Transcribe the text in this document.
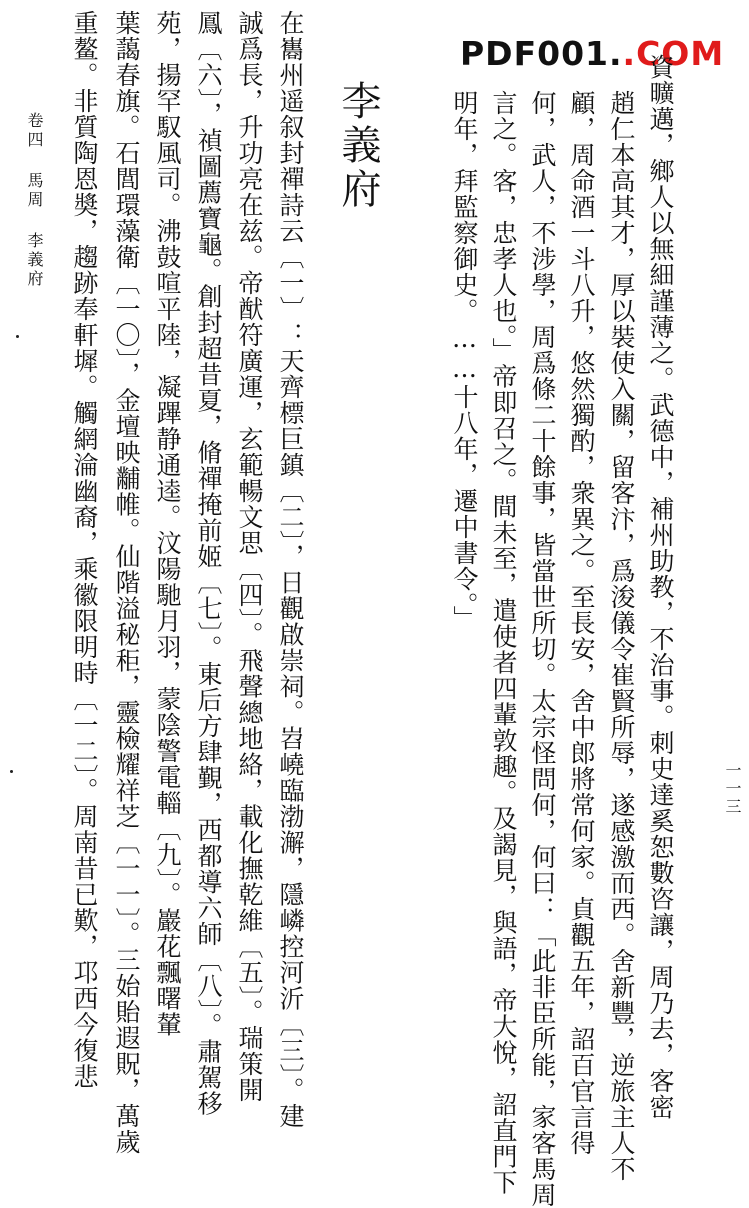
PDF001..COM
資曠邁，鄉人以無細謹薄之。武德中，補州助教，不治事。刺史達奚恕數咨讓，周乃去，客密
趙仁本高其才，厚以裝使入關，留客汴，爲浚儀令崔賢所辱，遂感激而西。舍新豐，逆旅主人不
顧，周命酒一斗八升，悠然獨酌，衆異之。至長安，舍中郎將常何家。貞觀五年，詔百官言得
何，武人，不涉學，周爲條二十餘事，皆當世所切。太宗怪問何，何曰：「此非臣所能，家客馬周
言之。客，忠孝人也。」帝即召之。間未至，遣使者四輩敦趣。及謁見，與語，帝大悅，詔直門下
明年，拜監察御史。……十八年，遷中書令。」
李義府
在巂州遥叙封禪詩云〔一〕：天齊標巨鎮〔二〕，日觀啟崇祠。岧嶢臨渤澥，隱嶙控河沂〔三〕。建
誠爲長，升功亮在兹。帝猷符廣運，玄範暢文思〔四〕。飛聲總地絡，載化撫乾維〔五〕。瑞策開
鳳〔六〕，禎圖薦寶龜。創封超昔夏，脩禪掩前姬〔七〕。東后方肆覲，西都導六師〔八〕。肅駕移
苑，揚罕馭風司。沸鼓喧平陸，凝蹕静通逵。汶陽馳月羽，蒙陰警電輜〔九〕。巖花飄曙輦
葉藹春旗。石閭環藻衛〔一〇〕，金壇映黼帷。仙階溢秘秬，靈檢耀祥芝〔一一〕。三始貽遐貺，萬歲
重鳌。非質陶恩奬，趨跡奉軒墀。觸網淪幽裔，乘徽限明時〔一二〕。周南昔已歎，邛西今復悲
卷四 馬周 李義府
一一三
